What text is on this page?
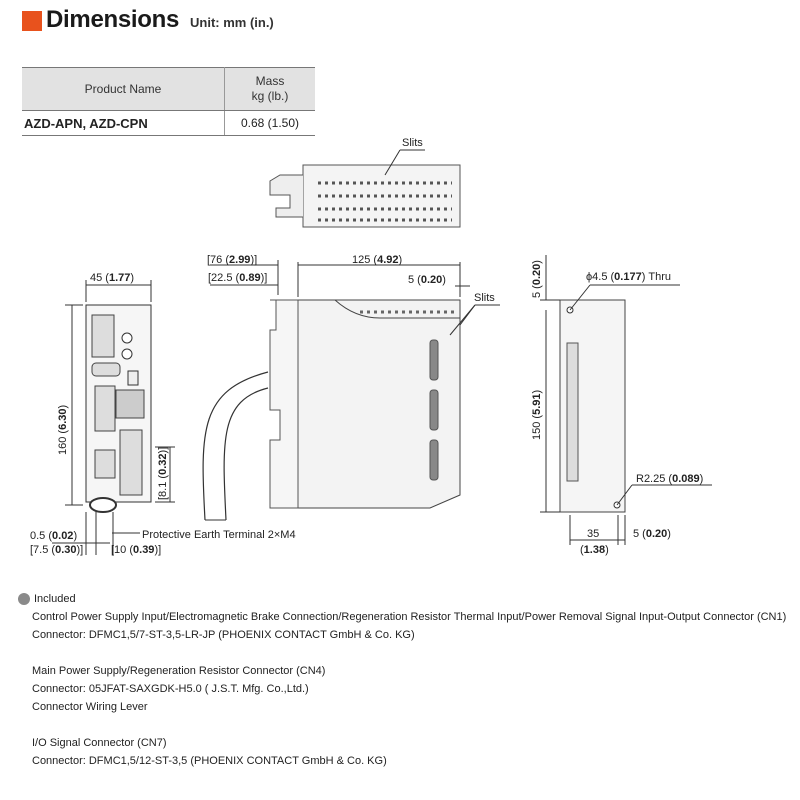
Dimensions Unit: mm (in.)
Product Name	Mass
kg (lb.)
AZD-APN, AZD-CPN	0.68 (1.50)
Slits
Slits
45 (1.77)
[76 (2.99)]
[22.5 (0.89)]
125 (4.92)
5 (0.20)
160 (6.30)
[8.1 (0.32)]
0.5 (0.02)
[7.5 (0.30)]	[10 (0.39)]
Protective Earth Terminal 2×M4
5 (0.20)
ϕ4.5 (0.177) Thru
150 (5.91)
R2.25 (0.089)
35
(1.38)
5 (0.20)
Included
Control Power Supply Input/Electromagnetic Brake Connection/Regeneration Resistor Thermal Input/Power Removal Signal Input-Output Connector (CN1)
Connector: DFMC1,5/7-ST-3,5-LR-JP (PHOENIX CONTACT GmbH & Co. KG)
Main Power Supply/Regeneration Resistor Connector (CN4)
Connector: 05JFAT-SAXGDK-H5.0 ( J.S.T. Mfg. Co.,Ltd.)
Connector Wiring Lever
I/O Signal Connector (CN7)
Connector: DFMC1,5/12-ST-3,5 (PHOENIX CONTACT GmbH & Co. KG)
